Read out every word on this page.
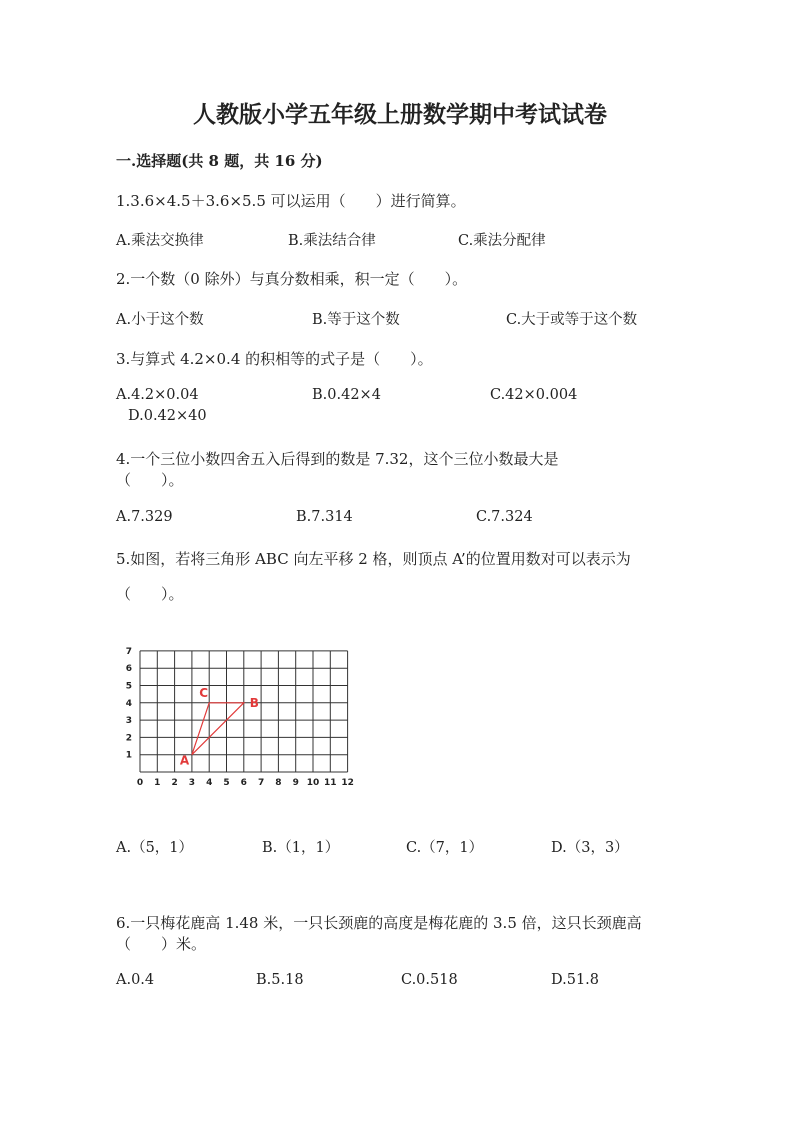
人教版小学五年级上册数学期中考试试卷
一.选择题(共 8 题，共 16 分)
1.3.6×4.5＋3.6×5.5 可以运用（　　）进行简算。
A.乘法交换律	B.乘法结合律	C.乘法分配律
2.一个数（0 除外）与真分数相乘，积一定（　　）。
A.小于这个数	B.等于这个数	C.大于或等于这个数
3.与算式 4.2×0.4 的积相等的式子是（　　）。
A.4.2×0.04	B.0.42×4	C.42×0.004
D.0.42×40
4.一个三位小数四舍五入后得到的数是 7.32，这个三位小数最大是
（　　）。
A.7.329	B.7.314	C.7.324
5.如图，若将三角形 ABC 向左平移 2 格，则顶点 A’的位置用数对可以表示为
（　　）。
0 1 2 3 4 5 6 7 8 9 10 11 12
1
2
3
4
5
6
7
A
B
C
A.（5，1）	B.（1，1）	C.（7，1）	D.（3，3）
6.一只梅花鹿高 1.48 米，一只长颈鹿的高度是梅花鹿的 3.5 倍，这只长颈鹿高
（　　）米。
A.0.4	B.5.18	C.0.518	D.51.8
